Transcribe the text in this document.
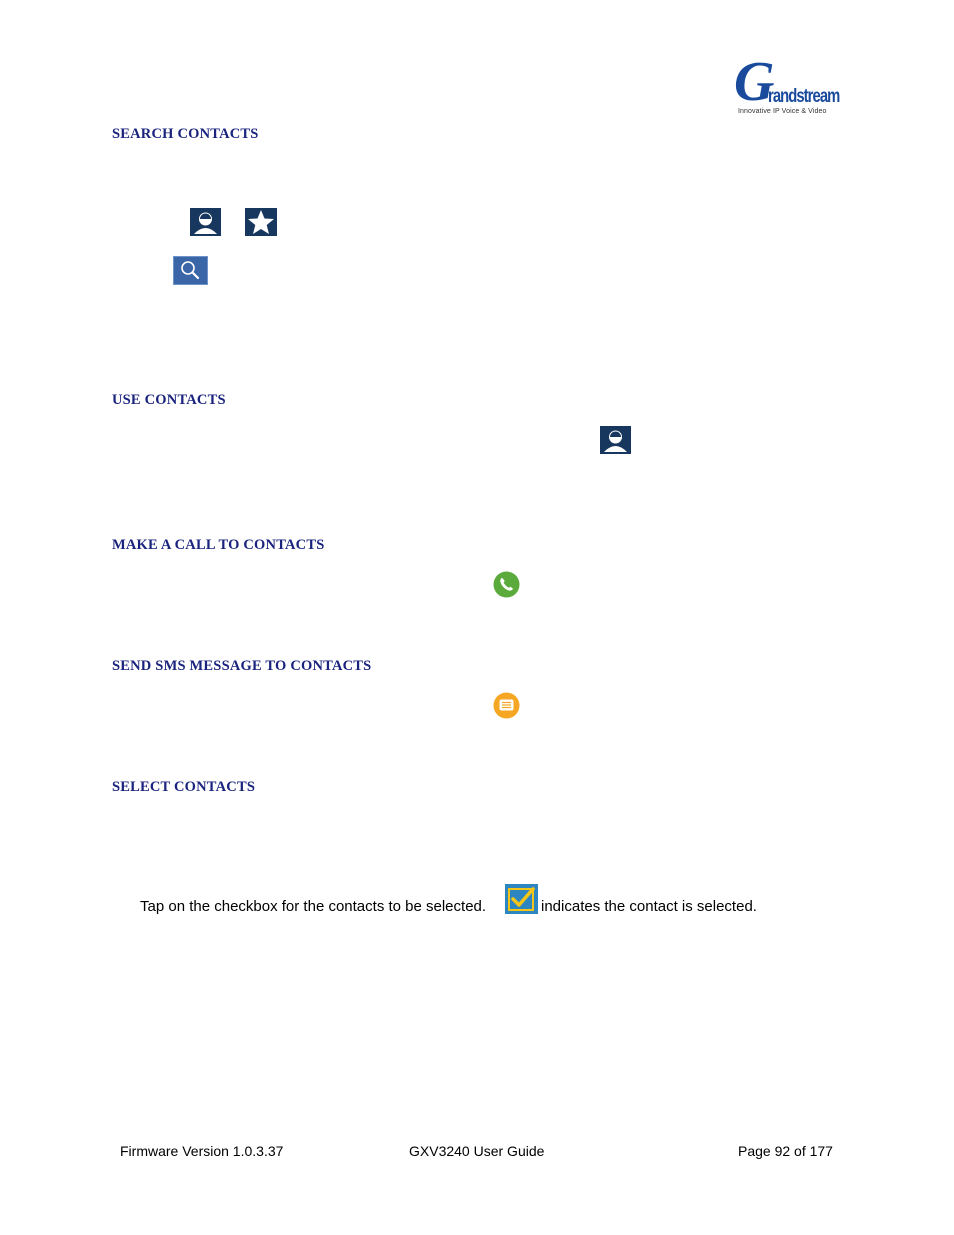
G
randstream
Innovative IP Voice & Video
SEARCH CONTACTS
USE CONTACTS
MAKE A CALL TO CONTACTS
SEND SMS MESSAGE TO CONTACTS
SELECT CONTACTS
Tap on the checkbox for the contacts to be selected.	indicates the contact is selected.
Firmware Version 1.0.3.37	GXV3240 User Guide	Page 92 of 177
